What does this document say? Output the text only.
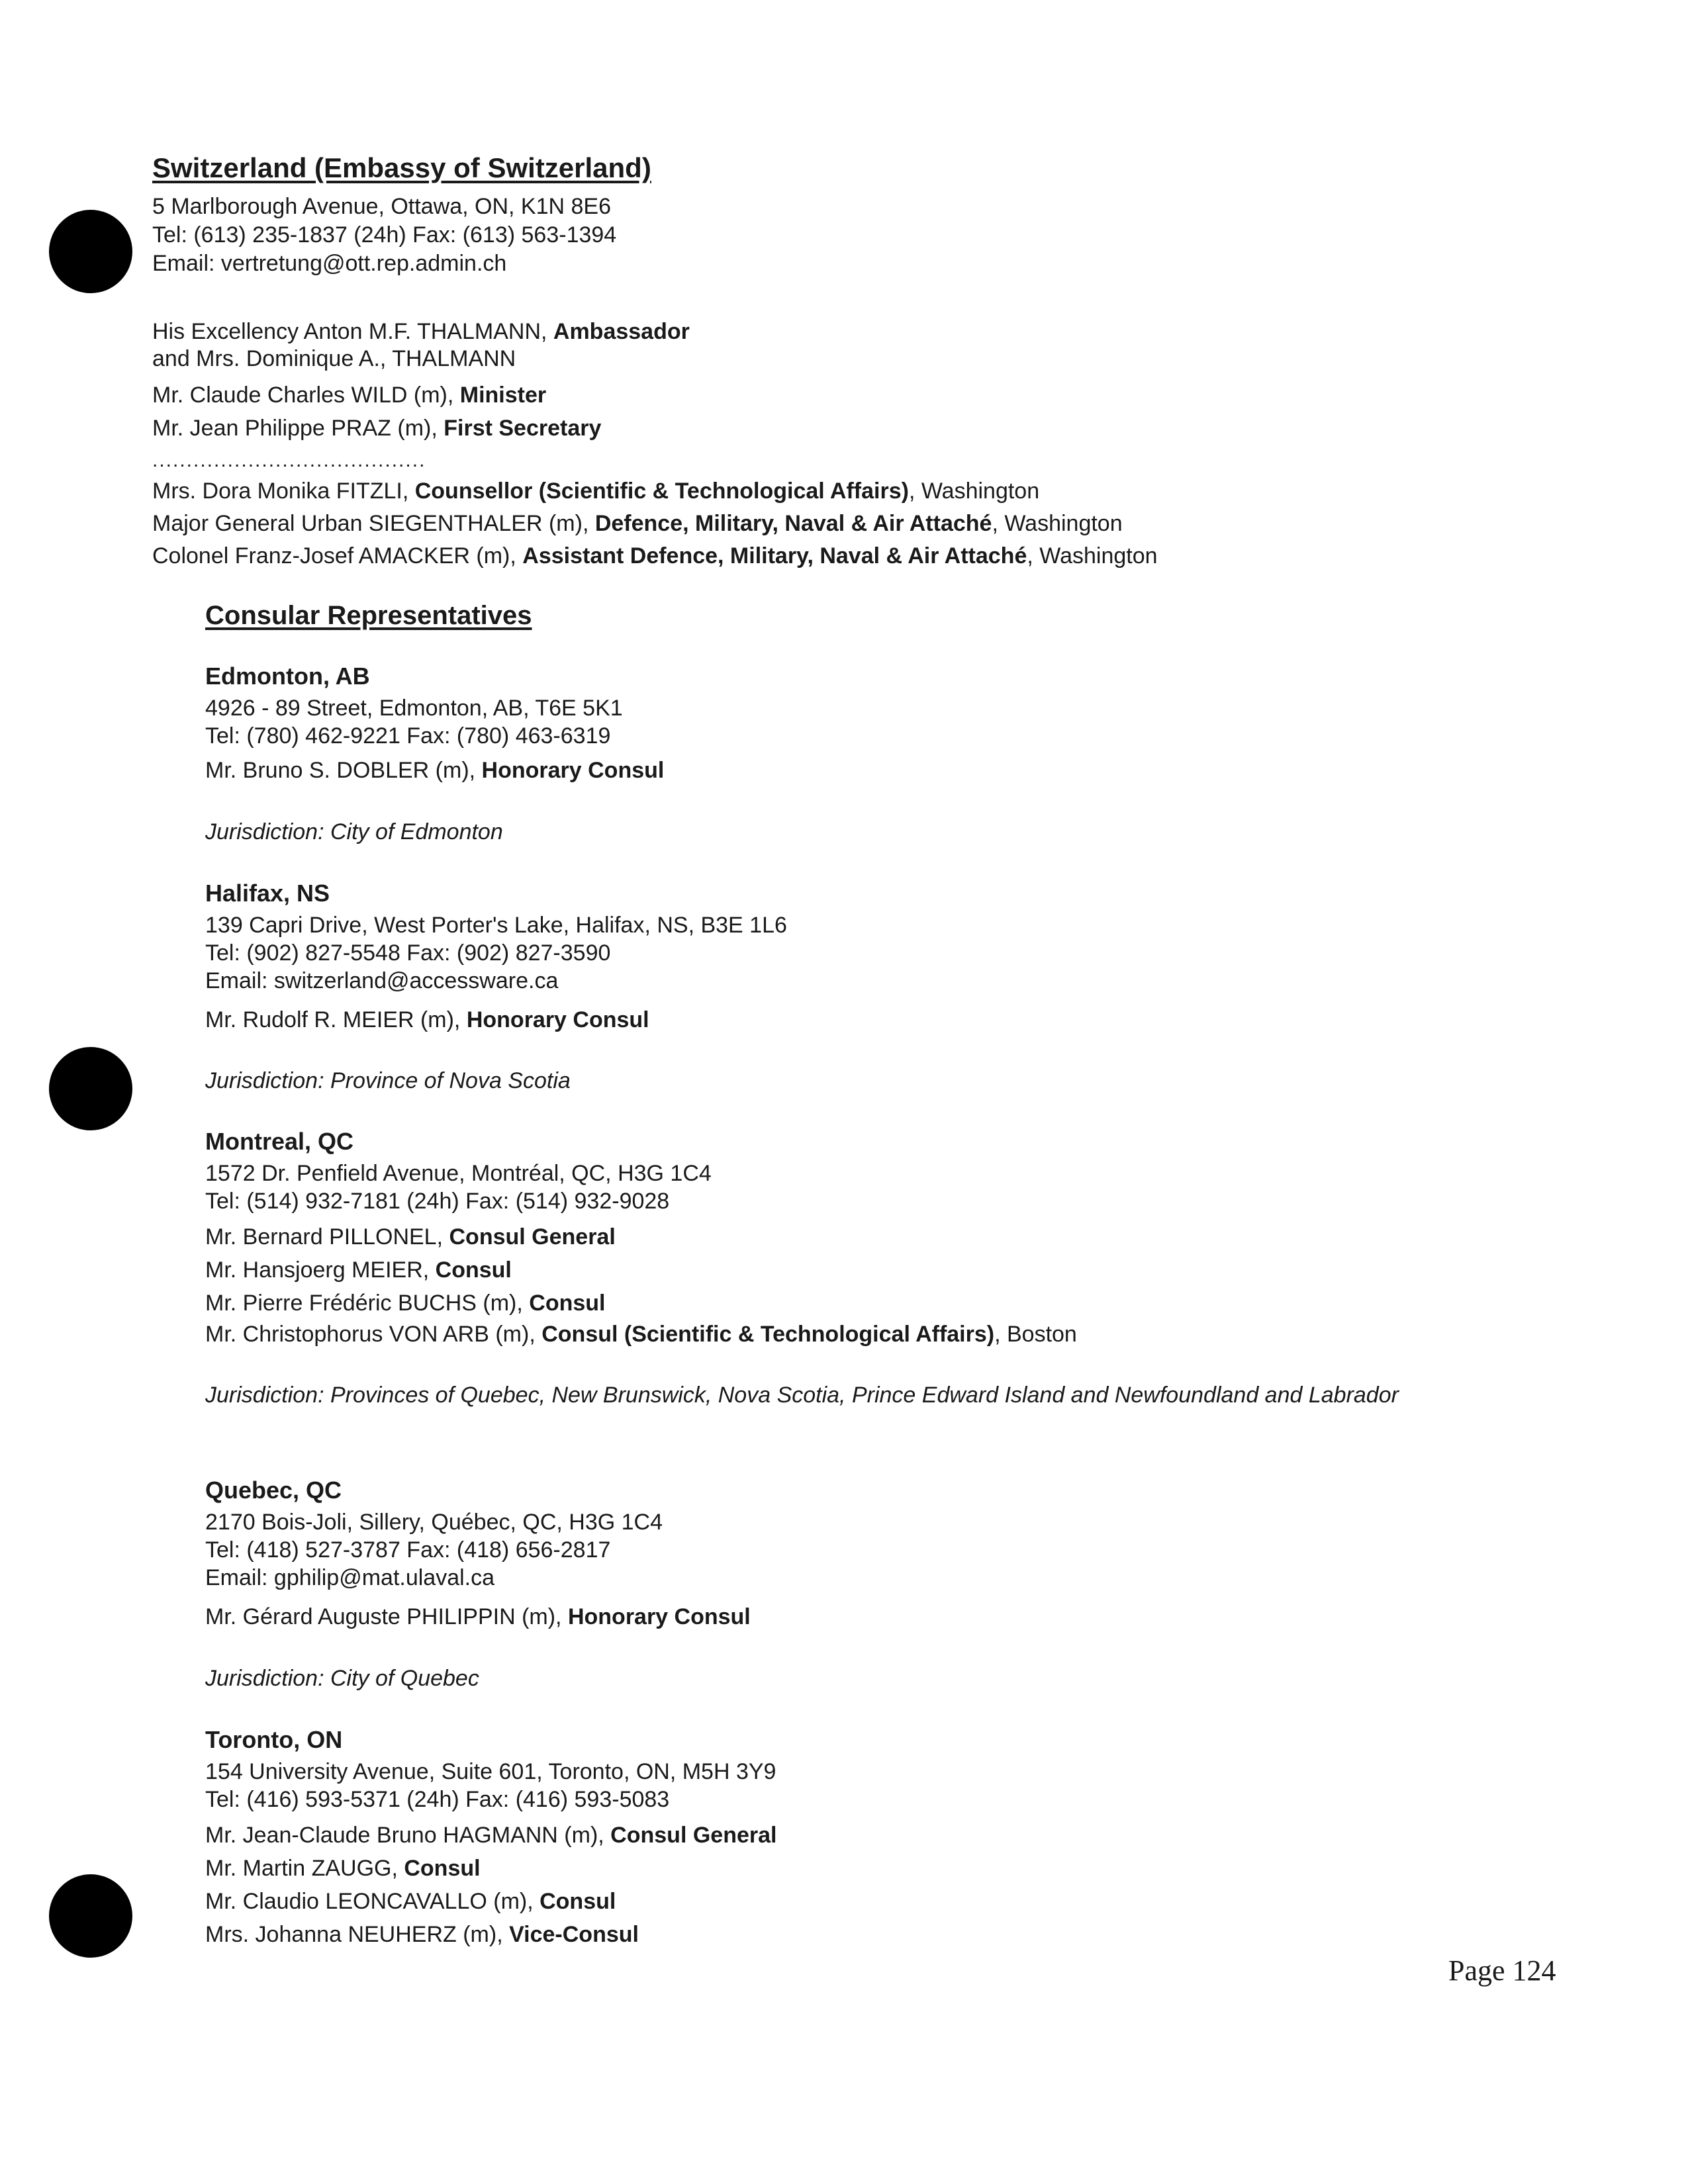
Switzerland (Embassy of Switzerland)
5 Marlborough Avenue, Ottawa, ON, K1N 8E6
Tel: (613) 235-1837 (24h) Fax: (613) 563-1394
Email: vertretung@ott.rep.admin.ch
His Excellency Anton M.F. THALMANN, Ambassador
and Mrs. Dominique A., THALMANN
Mr. Claude Charles WILD (m), Minister
Mr. Jean Philippe PRAZ (m), First Secretary
........................................
Mrs. Dora Monika FITZLI, Counsellor (Scientific & Technological Affairs), Washington
Major General Urban SIEGENTHALER (m), Defence, Military, Naval & Air Attaché, Washington
Colonel Franz-Josef AMACKER (m), Assistant Defence, Military, Naval & Air Attaché, Washington
Consular Representatives
Edmonton, AB
4926 - 89 Street, Edmonton, AB, T6E 5K1
Tel: (780) 462-9221 Fax: (780) 463-6319
Mr. Bruno S. DOBLER (m), Honorary Consul
Jurisdiction: City of Edmonton
Halifax, NS
139 Capri Drive, West Porter's Lake, Halifax, NS, B3E 1L6
Tel: (902) 827-5548 Fax: (902) 827-3590
Email: switzerland@accessware.ca
Mr. Rudolf R. MEIER (m), Honorary Consul
Jurisdiction: Province of Nova Scotia
Montreal, QC
1572 Dr. Penfield Avenue, Montréal, QC, H3G 1C4
Tel: (514) 932-7181 (24h) Fax: (514) 932-9028
Mr. Bernard PILLONEL, Consul General
Mr. Hansjoerg MEIER, Consul
Mr. Pierre Frédéric BUCHS (m), Consul
Mr. Christophorus VON ARB (m), Consul (Scientific & Technological Affairs), Boston
Jurisdiction: Provinces of Quebec, New Brunswick, Nova Scotia, Prince Edward Island and Newfoundland and Labrador
Quebec, QC
2170 Bois-Joli, Sillery, Québec, QC, H3G 1C4
Tel: (418) 527-3787 Fax: (418) 656-2817
Email: gphilip@mat.ulaval.ca
Mr. Gérard Auguste PHILIPPIN (m), Honorary Consul
Jurisdiction: City of Quebec
Toronto, ON
154 University Avenue, Suite 601, Toronto, ON, M5H 3Y9
Tel: (416) 593-5371 (24h) Fax: (416) 593-5083
Mr. Jean-Claude Bruno HAGMANN (m), Consul General
Mr. Martin ZAUGG, Consul
Mr. Claudio LEONCAVALLO (m), Consul
Mrs. Johanna NEUHERZ (m), Vice-Consul
Page 124
